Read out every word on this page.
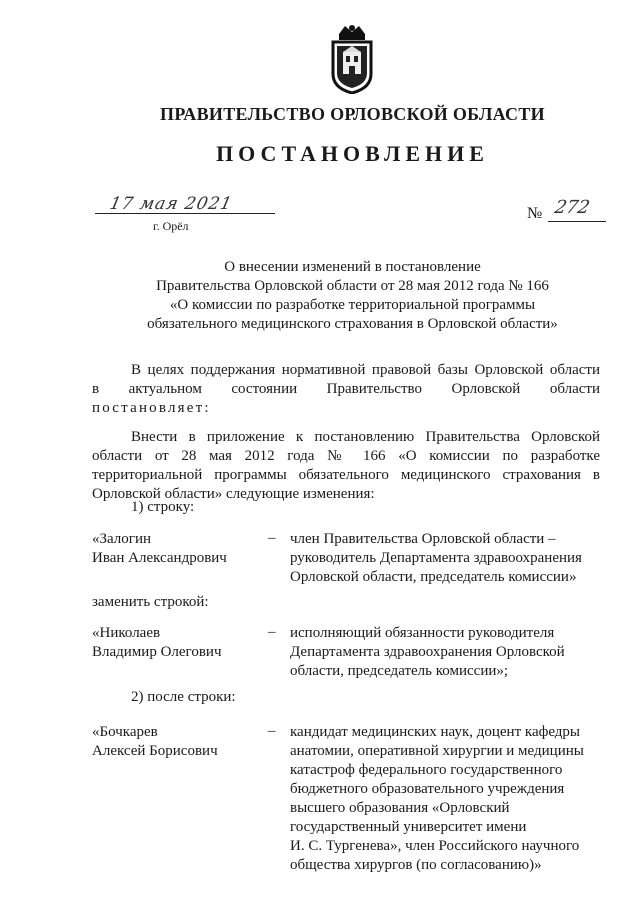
ПРАВИТЕЛЬСТВО ОРЛОВСКОЙ ОБЛАСТИ
ПОСТАНОВЛЕНИЕ
17 мая 2021
г. Орёл
№ 272
О внесении изменений в постановление
Правительства Орловской области от 28 мая 2012 года № 166
«О комиссии по разработке территориальной программы
обязательного медицинского страхования в Орловской области»
В целях поддержания нормативной правовой базы Орловской области
в актуальном состоянии Правительство Орловской области
постановляет:
Внести в приложение к постановлению Правительства Орловской области от 28 мая 2012 года № 166 «О комиссии по разработке территориальной программы обязательного медицинского страхования в Орловской области» следующие изменения:
1) строку:
«Залогин
Иван Александрович
– член Правительства Орловской области –
руководитель Департамента здравоохранения
Орловской области, председатель комиссии»
заменить строкой:
«Николаев
Владимир Олегович
– исполняющий обязанности руководителя
Департамента здравоохранения Орловской
области, председатель комиссии»;
2) после строки:
«Бочкарев
Алексей Борисович
– кандидат медицинских наук, доцент кафедры
анатомии, оперативной хирургии и медицины
катастроф федерального государственного
бюджетного образовательного учреждения
высшего образования «Орловский
государственный университет имени
И. С. Тургенева», член Российского научного
общества хирургов (по согласованию)»
